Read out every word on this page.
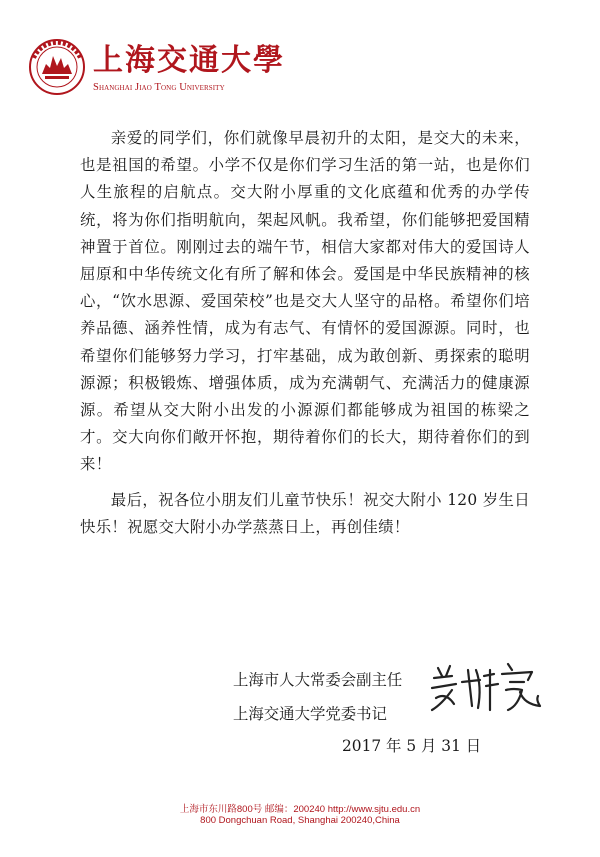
上海交通大學
Shanghai Jiao Tong University

亲爱的同学们，你们就像早晨初升的太阳，是交大的未来，也是祖国的希望。小学不仅是你们学习生活的第一站，也是你们人生旅程的启航点。交大附小厚重的文化底蕴和优秀的办学传统，将为你们指明航向，架起风帆。我希望，你们能够把爱国精神置于首位。刚刚过去的端午节，相信大家都对伟大的爱国诗人屈原和中华传统文化有所了解和体会。爱国是中华民族精神的核心，“饮水思源、爱国荣校”也是交大人坚守的品格。希望你们培养品德、涵养性情，成为有志气、有情怀的爱国源源。同时，也希望你们能够努力学习，打牢基础，成为敢创新、勇探索的聪明源源；积极锻炼、增强体质，成为充满朝气、充满活力的健康源源。希望从交大附小出发的小源源们都能够成为祖国的栋梁之才。交大向你们敞开怀抱，期待着你们的长大，期待着你们的到来！

最后，祝各位小朋友们儿童节快乐！祝交大附小 120 岁生日快乐！祝愿交大附小办学蒸蒸日上，再创佳绩！

上海市人大常委会副主任
上海交通大学党委书记
2017 年 5 月 31 日
上海市东川路800号 邮编：200240 http://www.sjtu.edu.cn
800 Dongchuan Road, Shanghai 200240,China
